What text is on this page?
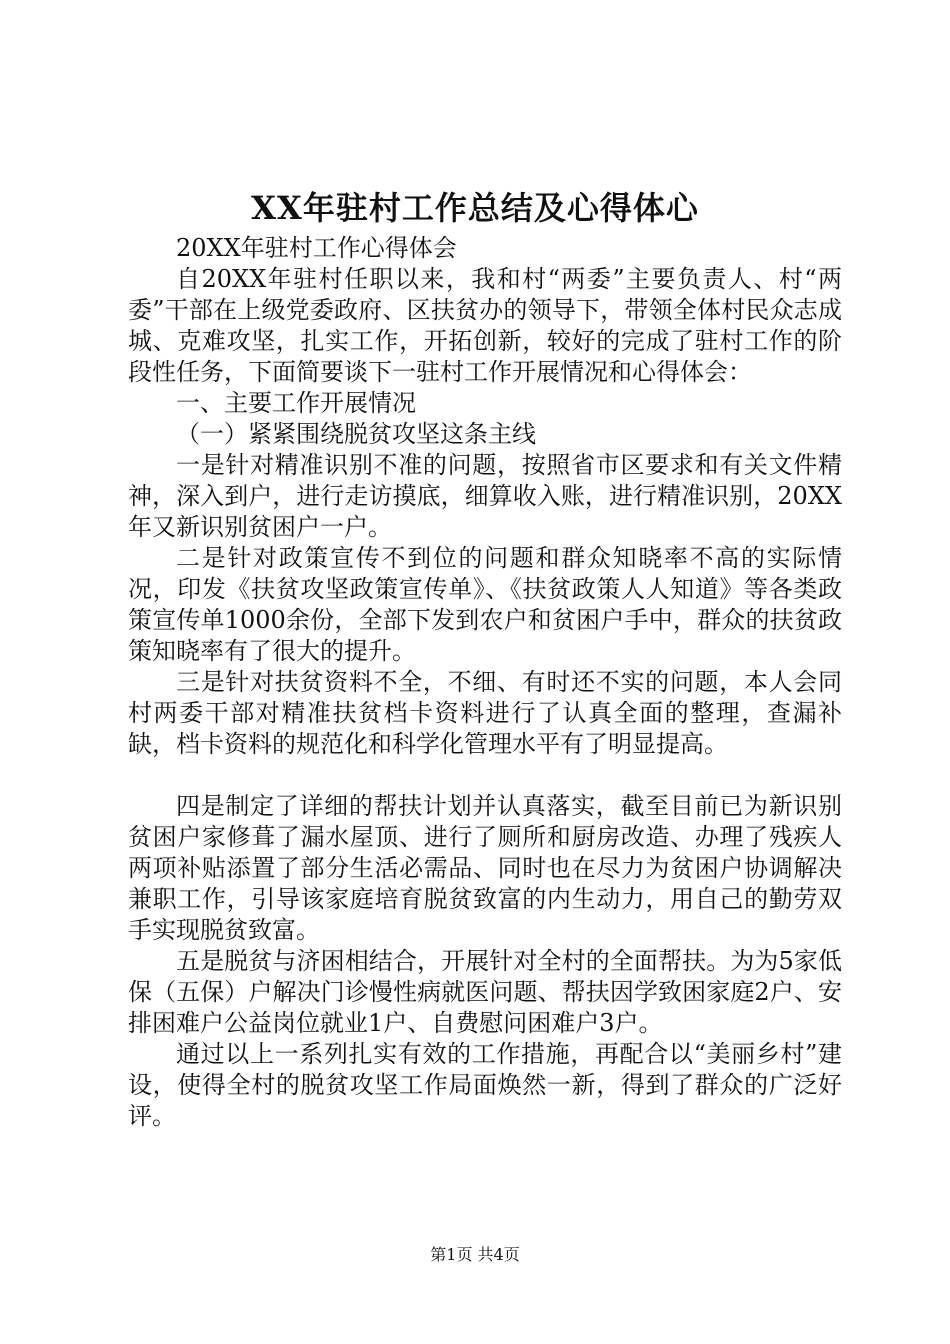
XX年驻村工作总结及心得体心

20XX年驻村工作心得体会

自20XX年驻村任职以来，我和村“两委”主要负责人、村“两委”干部在上级党委政府、区扶贫办的领导下，带领全体村民众志成城、克难攻坚，扎实工作，开拓创新，较好的完成了驻村工作的阶段性任务，下面简要谈下一驻村工作开展情况和心得体会：

一、主要工作开展情况

（一）紧紧围绕脱贫攻坚这条主线

一是针对精准识别不准的问题，按照省市区要求和有关文件精神，深入到户，进行走访摸底，细算收入账，进行精准识别，20XX年又新识别贫困户一户。

二是针对政策宣传不到位的问题和群众知晓率不高的实际情况，印发《扶贫攻坚政策宣传单》、《扶贫政策人人知道》等各类政策宣传单1000余份，全部下发到农户和贫困户手中，群众的扶贫政策知晓率有了很大的提升。

三是针对扶贫资料不全，不细、有时还不实的问题，本人会同村两委干部对精准扶贫档卡资料进行了认真全面的整理，查漏补缺，档卡资料的规范化和科学化管理水平有了明显提高。

四是制定了详细的帮扶计划并认真落实，截至目前已为新识别贫困户家修葺了漏水屋顶、进行了厕所和厨房改造、办理了残疾人两项补贴添置了部分生活必需品、同时也在尽力为贫困户协调解决兼职工作，引导该家庭培育脱贫致富的内生动力，用自己的勤劳双手实现脱贫致富。

五是脱贫与济困相结合，开展针对全村的全面帮扶。为为5家低保（五保）户解决门诊慢性病就医问题、帮扶因学致困家庭2户、安排困难户公益岗位就业1户、自费慰问困难户3户。

通过以上一系列扎实有效的工作措施，再配合以“美丽乡村”建设，使得全村的脱贫攻坚工作局面焕然一新，得到了群众的广泛好评。

第1页 共4页
